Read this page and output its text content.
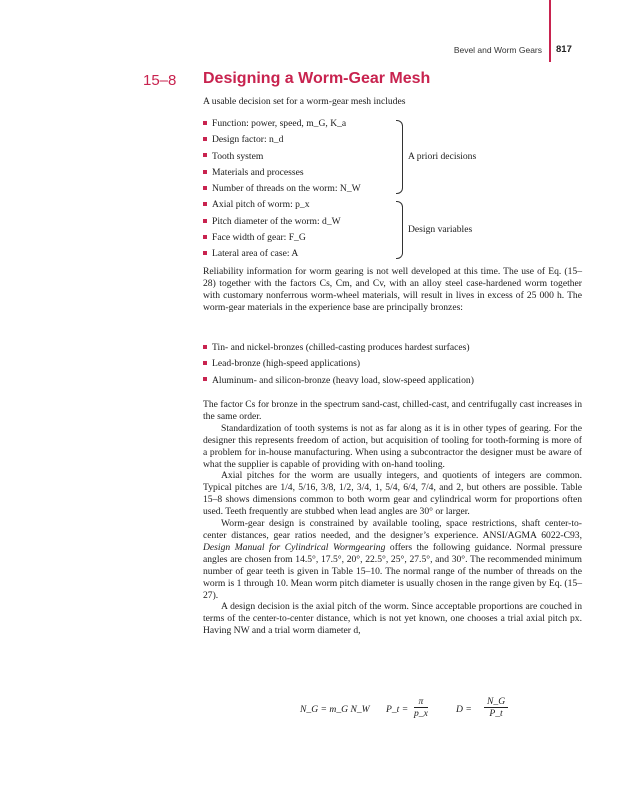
Bevel and Worm Gears 817
15–8 Designing a Worm-Gear Mesh
A usable decision set for a worm-gear mesh includes
Function: power, speed, m_G, K_a
Design factor: n_d
Tooth system
Materials and processes
Number of threads on the worm: N_W
Axial pitch of worm: p_x
Pitch diameter of the worm: d_W
Face width of gear: F_G
Lateral area of case: A
A priori decisions
Design variables
Reliability information for worm gearing is not well developed at this time. The use of Eq. (15–28) together with the factors Cs, Cm, and Cv, with an alloy steel case-hardened worm together with customary nonferrous worm-wheel materials, will result in lives in excess of 25 000 h. The worm-gear materials in the experience base are principally bronzes:
Tin- and nickel-bronzes (chilled-casting produces hardest surfaces)
Lead-bronze (high-speed applications)
Aluminum- and silicon-bronze (heavy load, slow-speed application)
The factor Cs for bronze in the spectrum sand-cast, chilled-cast, and centrifugally cast increases in the same order.
Standardization of tooth systems is not as far along as it is in other types of gearing. For the designer this represents freedom of action, but acquisition of tooling for tooth-forming is more of a problem for in-house manufacturing. When using a subcontractor the designer must be aware of what the supplier is capable of providing with on-hand tooling.
Axial pitches for the worm are usually integers, and quotients of integers are common. Typical pitches are 1/4, 5/16, 3/8, 1/2, 3/4, 1, 5/4, 6/4, 7/4, and 2, but others are possible. Table 15–8 shows dimensions common to both worm gear and cylindrical worm for proportions often used. Teeth frequently are stubbed when lead angles are 30° or larger.
Worm-gear design is constrained by available tooling, space restrictions, shaft center-to-center distances, gear ratios needed, and the designer’s experience. ANSI/AGMA 6022-C93, Design Manual for Cylindrical Wormgearing offers the following guidance. Normal pressure angles are chosen from 14.5°, 17.5°, 20°, 22.5°, 25°, 27.5°, and 30°. The recommended minimum number of gear teeth is given in Table 15–10. The normal range of the number of threads on the worm is 1 through 10. Mean worm pitch diameter is usually chosen in the range given by Eq. (15–27).
A design decision is the axial pitch of the worm. Since acceptable proportions are couched in terms of the center-to-center distance, which is not yet known, one chooses a trial axial pitch px. Having NW and a trial worm diameter d,
N_G = m_G N_W P_t = $\frac{\pi}{p\_x}$	$D = \frac{N\_G}{P\_t}$
